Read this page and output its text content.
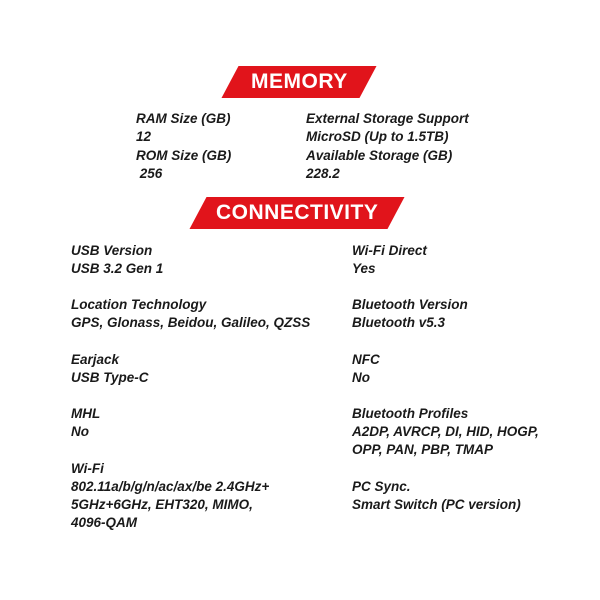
MEMORY
RAM Size (GB)
12
ROM Size (GB)
256
External Storage Support
MicroSD (Up to 1.5TB)
Available Storage (GB)
228.2
CONNECTIVITY
USB Version
USB 3.2 Gen 1
Location Technology
GPS, Glonass, Beidou, Galileo, QZSS
Earjack
USB Type-C
MHL
No
Wi-Fi
802.11a/b/g/n/ac/ax/be 2.4GHz+
5GHz+6GHz, EHT320, MIMO,
4096-QAM
Wi-Fi Direct
Yes
Bluetooth Version
Bluetooth v5.3
NFC
No
Bluetooth Profiles
A2DP, AVRCP, DI, HID, HOGP,
OPP, PAN, PBP, TMAP
PC Sync.
Smart Switch (PC version)
